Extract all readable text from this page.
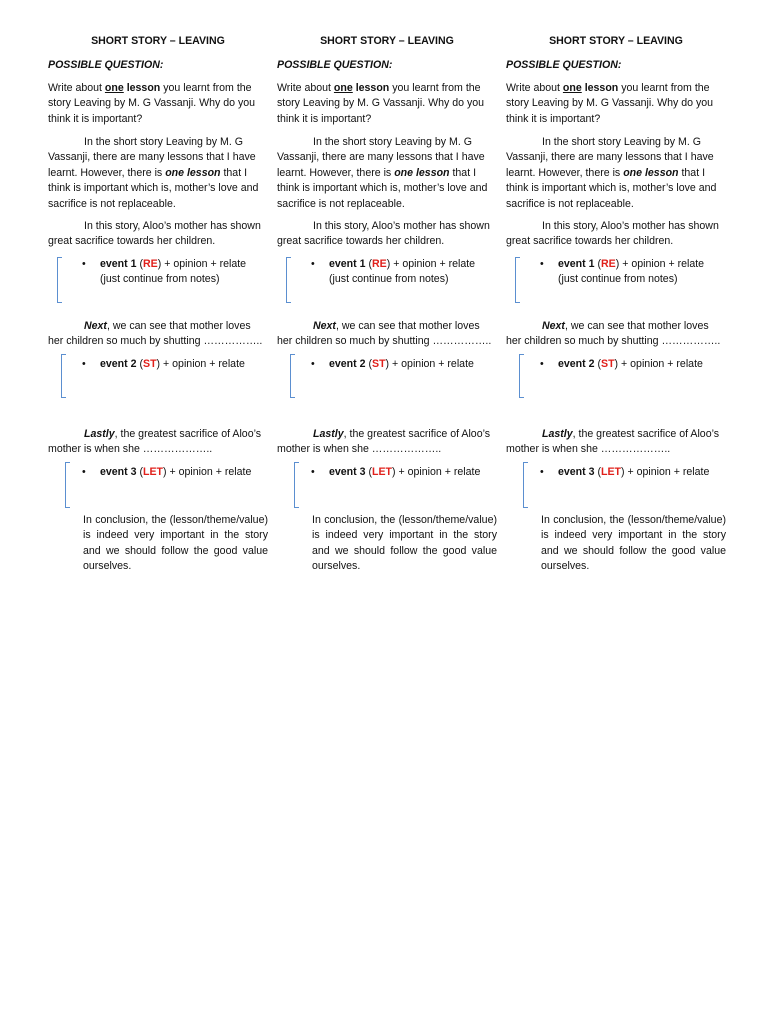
SHORT STORY – LEAVING

POSSIBLE QUESTION:

Write about one lesson you learnt from the story Leaving by M. G Vassanji. Why do you think it is important?

In the short story Leaving by M. G Vassanji, there are many lessons that I have learnt. However, there is one lesson that I think is important which is, mother’s love and sacrifice is not replaceable.

In this story, Aloo’s mother has shown great sacrifice towards her children.

• event 1 (RE) + opinion + relate
(just continue from notes)

Next, we can see that mother loves her children so much by shutting ……………..

• event 2 (ST) + opinion + relate

Lastly, the greatest sacrifice of Aloo’s mother is when she ………………..

• event 3 (LET) + opinion + relate

In conclusion, the (lesson/theme/value) is indeed very important in the story and we should follow the good value ourselves.

SHORT STORY – LEAVING

POSSIBLE QUESTION:

Write about one lesson you learnt from the story Leaving by M. G Vassanji. Why do you think it is important?

In the short story Leaving by M. G Vassanji, there are many lessons that I have learnt. However, there is one lesson that I think is important which is, mother’s love and sacrifice is not replaceable.

In this story, Aloo’s mother has shown great sacrifice towards her children.

• event 1 (RE) + opinion + relate
(just continue from notes)

Next, we can see that mother loves her children so much by shutting ……………..

• event 2 (ST) + opinion + relate

Lastly, the greatest sacrifice of Aloo’s mother is when she ………………..

• event 3 (LET) + opinion + relate

In conclusion, the (lesson/theme/value) is indeed very important in the story and we should follow the good value ourselves.

SHORT STORY – LEAVING

POSSIBLE QUESTION:

Write about one lesson you learnt from the story Leaving by M. G Vassanji. Why do you think it is important?

In the short story Leaving by M. G Vassanji, there are many lessons that I have learnt. However, there is one lesson that I think is important which is, mother’s love and sacrifice is not replaceable.

In this story, Aloo’s mother has shown great sacrifice towards her children.

• event 1 (RE) + opinion + relate
(just continue from notes)

Next, we can see that mother loves her children so much by shutting ……………..

• event 2 (ST) + opinion + relate

Lastly, the greatest sacrifice of Aloo’s mother is when she ………………..

• event 3 (LET) + opinion + relate

In conclusion, the (lesson/theme/value) is indeed very important in the story and we should follow the good value ourselves.
